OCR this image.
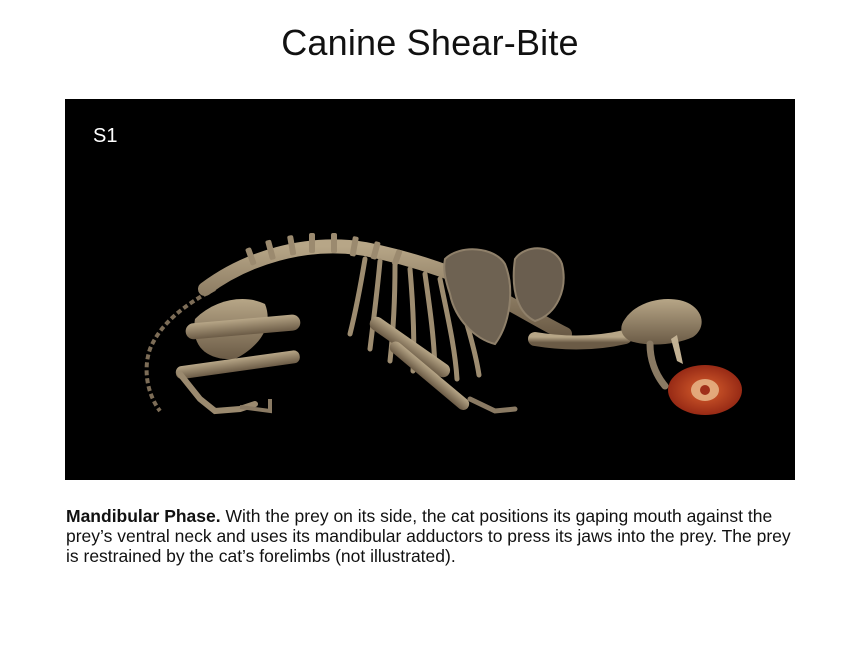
Canine Shear-Bite
S1
Mandibular Phase. With the prey on its side, the cat positions its gaping mouth against the prey’s ventral neck and uses its mandibular adductors to press its jaws into the prey. The prey is restrained by the cat’s forelimbs (not illustrated).
